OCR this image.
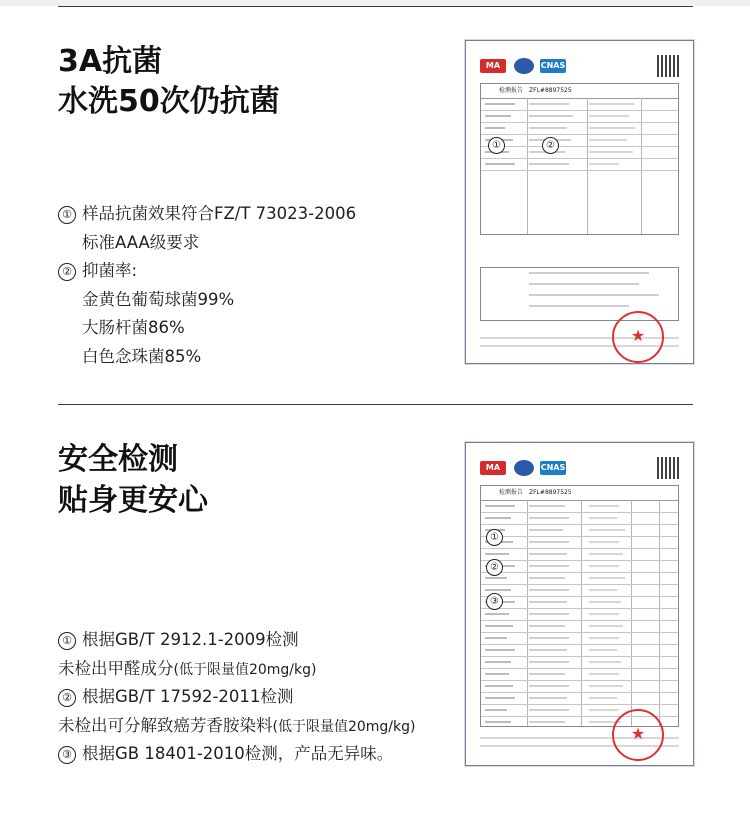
3A抗菌
水洗50次仍抗菌
① 样品抗菌效果符合FZ/T 73023-2006
标准AAA级要求
② 抑菌率:
金黄色葡萄球菌99%
大肠杆菌86%
白色念珠菌85%
MA	CNAS
检测报告　 ZFL#8897525
①	②
★
安全检测
贴身更安心
① 根据GB/T 2912.1-2009检测
未检出甲醛成分(低于限量值20mg/kg)
② 根据GB/T 17592-2011检测
未检出可分解致癌芳香胺染料(低于限量值20mg/kg)
③ 根据GB 18401-2010检测，产品无异味。
MA	CNAS
检测报告　 ZFL#8897525
①
②
③
★
